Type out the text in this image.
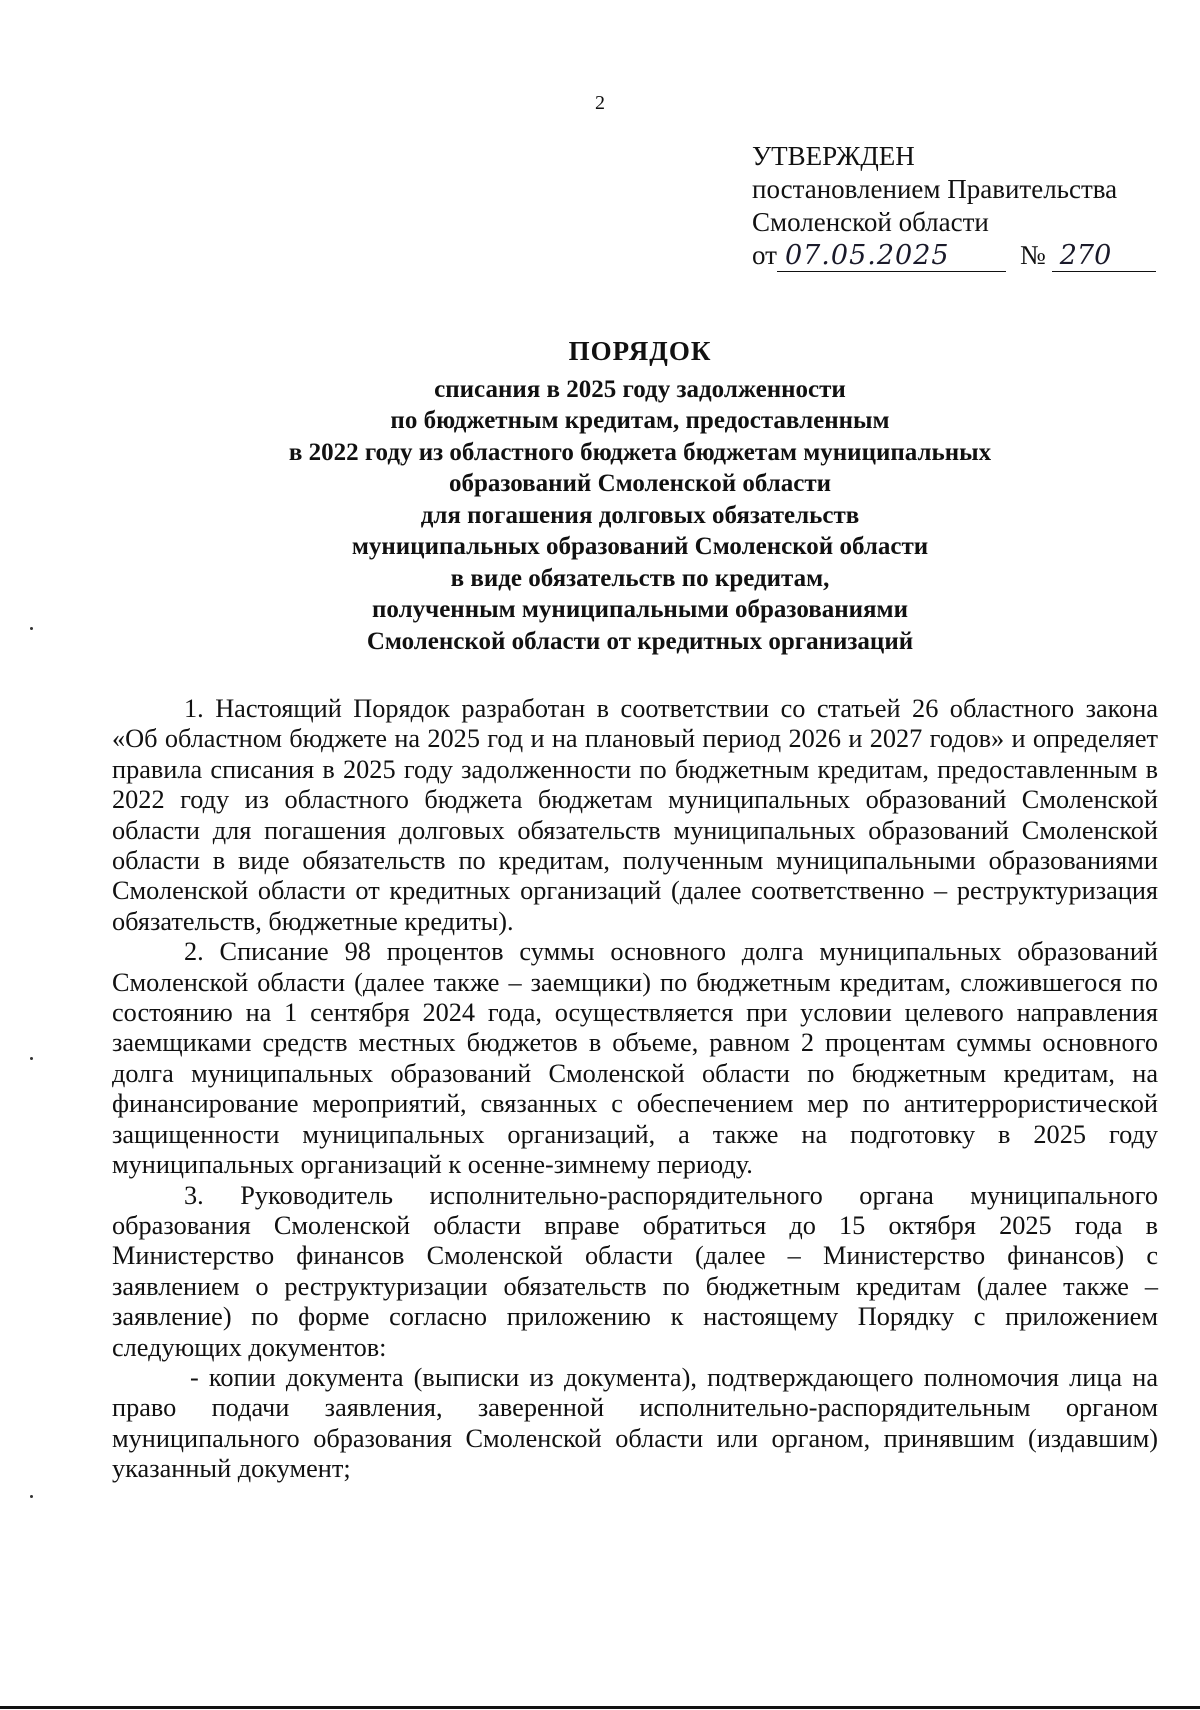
2
УТВЕРЖДЕН
постановлением Правительства
Смоленской области
от 07.05.2025	№ 270
ПОРЯДОК
списания в 2025 году задолженности
по бюджетным кредитам, предоставленным
в 2022 году из областного бюджета бюджетам муниципальных
образований Смоленской области
для погашения долговых обязательств
муниципальных образований Смоленской области
в виде обязательств по кредитам,
полученным муниципальными образованиями
Смоленской области от кредитных организаций

1. Настоящий Порядок разработан в соответствии со статьей 26 областного закона «Об областном бюджете на 2025 год и на плановый период 2026 и 2027 годов» и определяет правила списания в 2025 году задолженности по бюджетным кредитам, предоставленным в 2022 году из областного бюджета бюджетам муниципальных образований Смоленской области для погашения долговых обязательств муниципальных образований Смоленской области в виде обязательств по кредитам, полученным муниципальными образованиями Смоленской области от кредитных организаций (далее соответственно – реструктуризация обязательств, бюджетные кредиты).

2. Списание 98 процентов суммы основного долга муниципальных образований Смоленской области (далее также – заемщики) по бюджетным кредитам, сложившегося по состоянию на 1 сентября 2024 года, осуществляется при условии целевого направления заемщиками средств местных бюджетов в объеме, равном 2 процентам суммы основного долга муниципальных образований Смоленской области по бюджетным кредитам, на финансирование мероприятий, связанных с обеспечением мер по антитеррористической защищенности муниципальных организаций, а также на подготовку в 2025 году муниципальных организаций к осенне-зимнему периоду.

3. Руководитель исполнительно-распорядительного органа муниципального образования Смоленской области вправе обратиться до 15 октября 2025 года в Министерство финансов Смоленской области (далее – Министерство финансов) с заявлением о реструктуризации обязательств по бюджетным кредитам (далее также – заявление) по форме согласно приложению к настоящему Порядку с приложением следующих документов:

- копии документа (выписки из документа), подтверждающего полномочия лица на право подачи заявления, заверенной исполнительно-распорядительным органом муниципального образования Смоленской области или органом, принявшим (издавшим) указанный документ;
